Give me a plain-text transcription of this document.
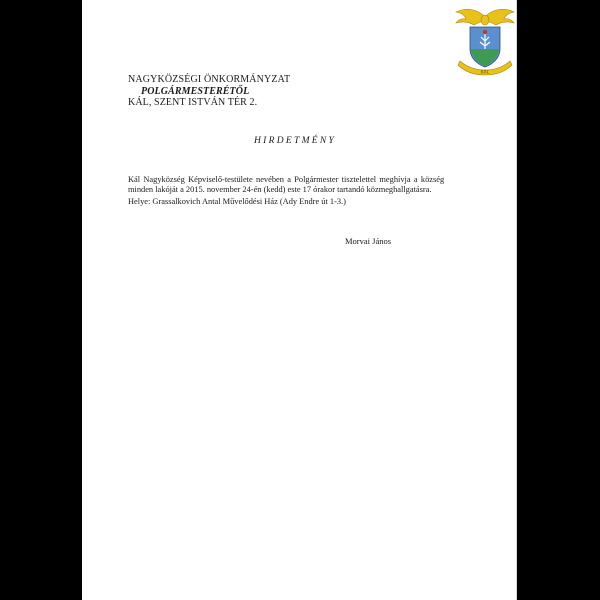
KÁL
NAGYKÖZSÉGI ÖNKORMÁNYZAT
POLGÁRMESTERÉTŐL
KÁL, SZENT ISTVÁN TÉR 2.
HIRDETMÉNY
Kál Nagyközség Képviselő-testülete nevében a Polgármester tisztelettel meghívja a község
minden lakóját a 2015. november 24-én (kedd) este 17 órakor tartandó közmeghallgatásra.
Helye: Grassalkovich Antal Művelődési Ház (Ady Endre út 1-3.)
Morvai János
